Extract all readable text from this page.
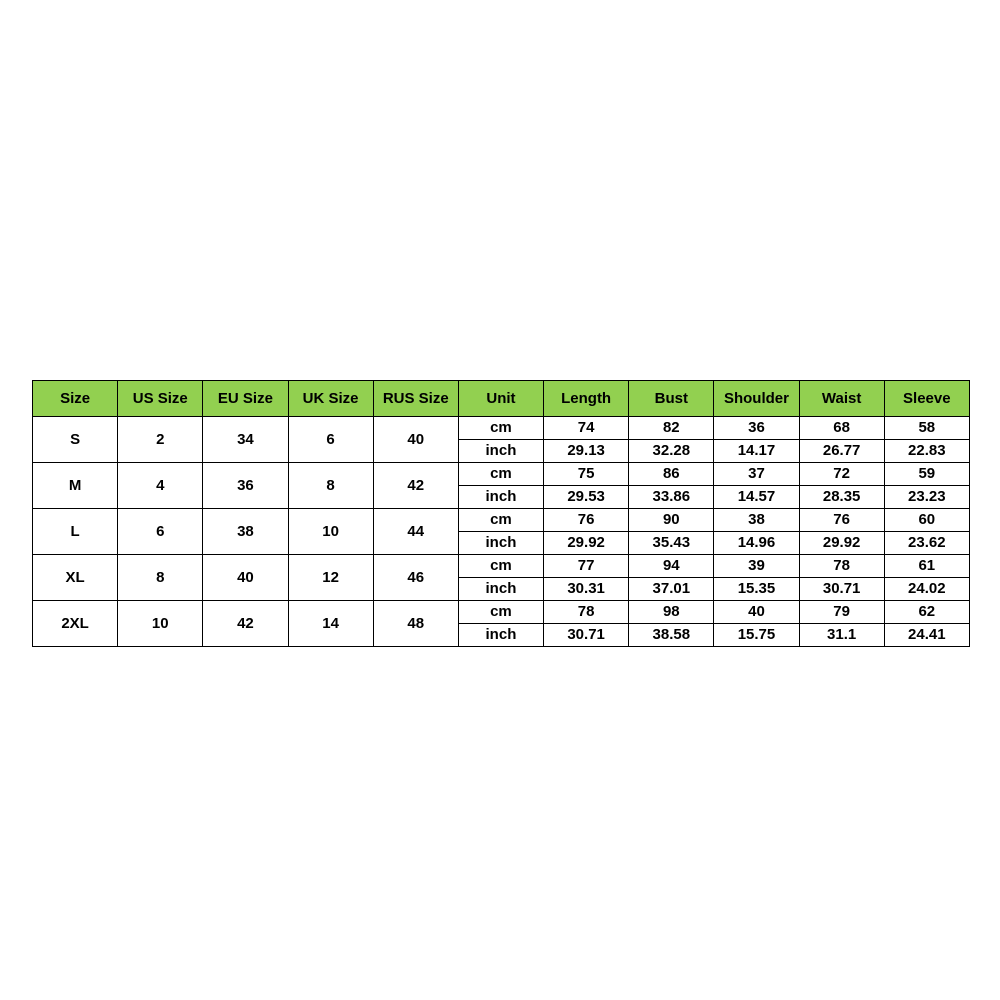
Size	US Size	EU Size	UK Size	RUS Size	Unit	Length	Bust	Shoulder	Waist	Sleeve
S	2	34	6	40	cm	74	82	36	68	58
					inch	29.13	32.28	14.17	26.77	22.83
M	4	36	8	42	cm	75	86	37	72	59
					inch	29.53	33.86	14.57	28.35	23.23
L	6	38	10	44	cm	76	90	38	76	60
					inch	29.92	35.43	14.96	29.92	23.62
XL	8	40	12	46	cm	77	94	39	78	61
					inch	30.31	37.01	15.35	30.71	24.02
2XL	10	42	14	48	cm	78	98	40	79	62
					inch	30.71	38.58	15.75	31.1	24.41
